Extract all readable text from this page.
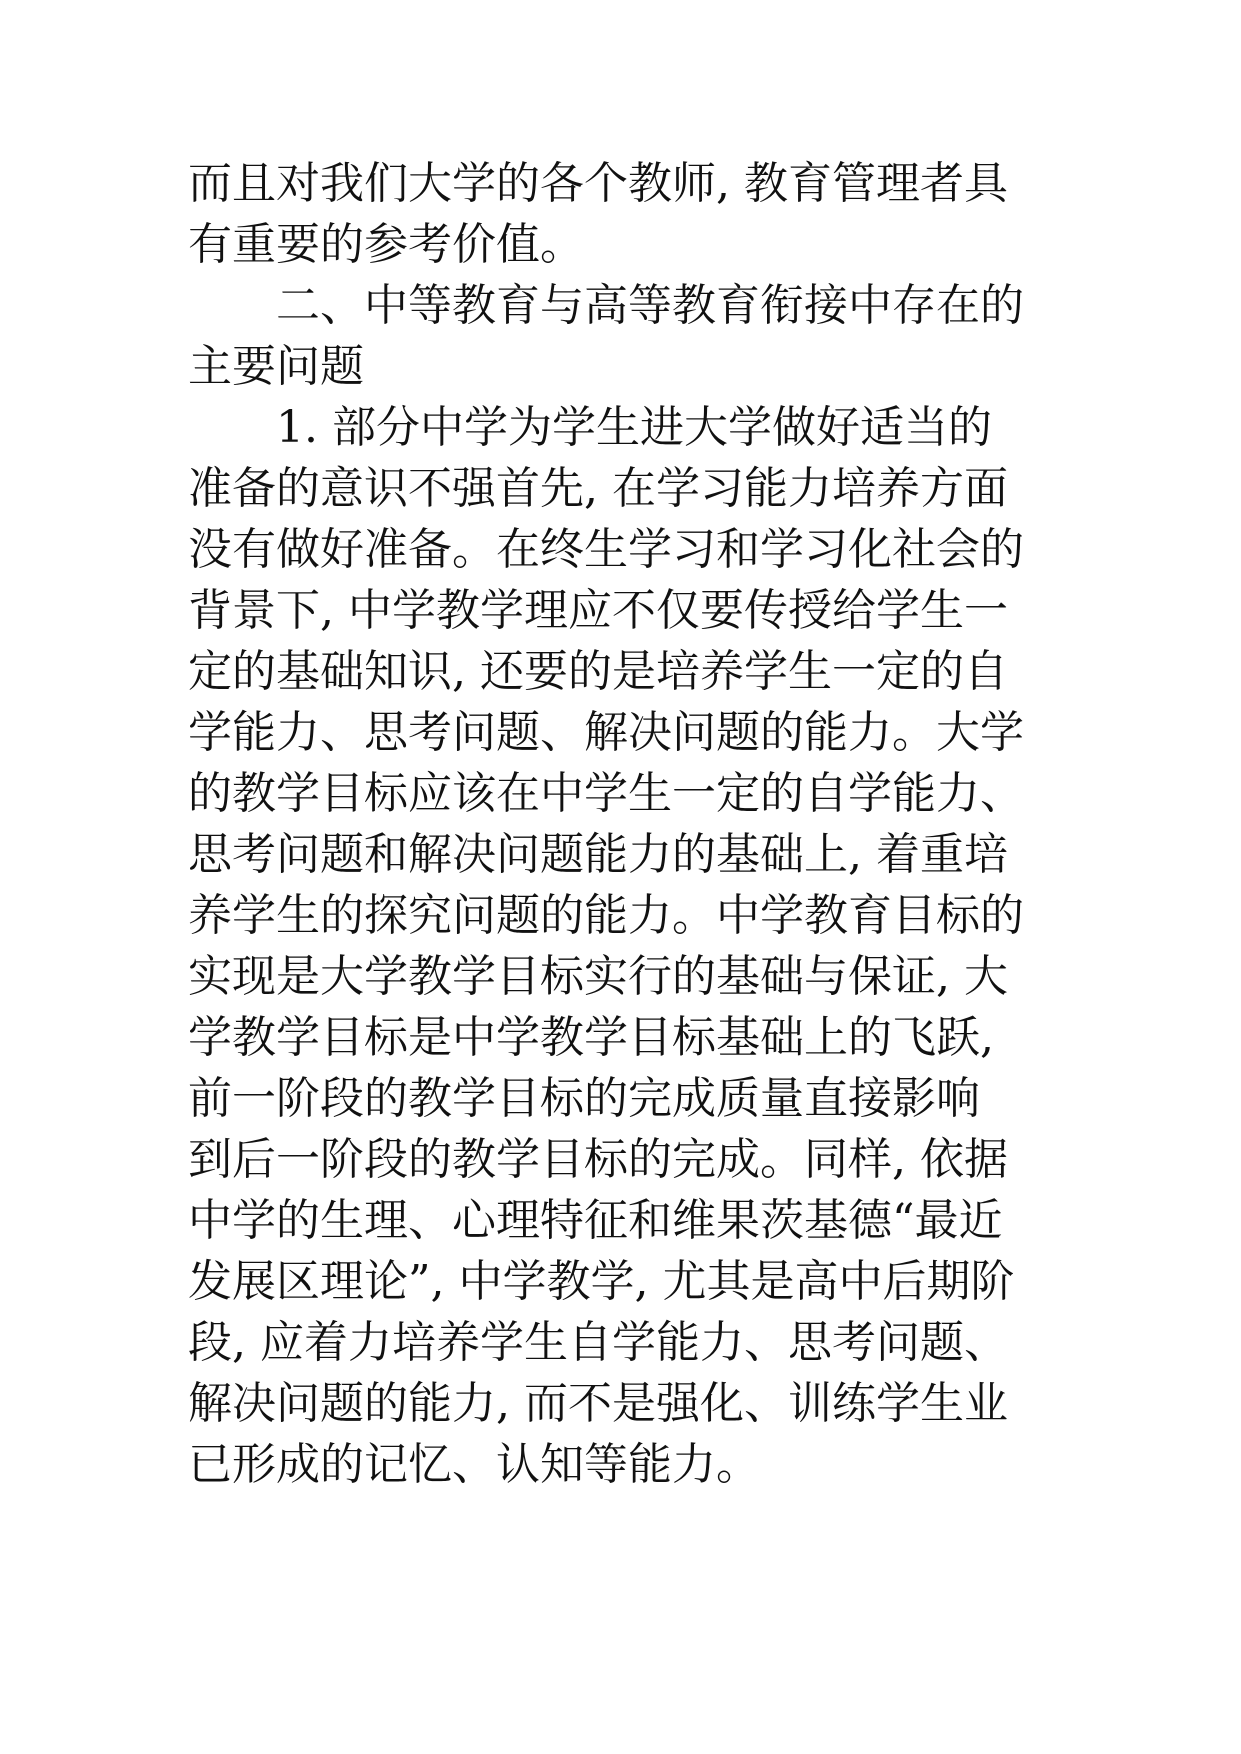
而且对我们大学的各个教师, 教育管理者具
有重要的参考价值。
二、中等教育与高等教育衔接中存在的
主要问题
1. 部分中学为学生进大学做好适当的
准备的意识不强首先, 在学习能力培养方面
没有做好准备。在终生学习和学习化社会的
背景下, 中学教学理应不仅要传授给学生一
定的基础知识, 还要的是培养学生一定的自
学能力、思考问题、解决问题的能力。大学
的教学目标应该在中学生一定的自学能力、
思考问题和解决问题能力的基础上, 着重培
养学生的探究问题的能力。中学教育目标的
实现是大学教学目标实行的基础与保证, 大
学教学目标是中学教学目标基础上的飞跃,
前一阶段的教学目标的完成质量直接影响
到后一阶段的教学目标的完成。同样, 依据
中学的生理、心理特征和维果茨基德“最近
发展区理论”, 中学教学, 尤其是高中后期阶
段, 应着力培养学生自学能力、思考问题、
解决问题的能力, 而不是强化、训练学生业
已形成的记忆、认知等能力。
